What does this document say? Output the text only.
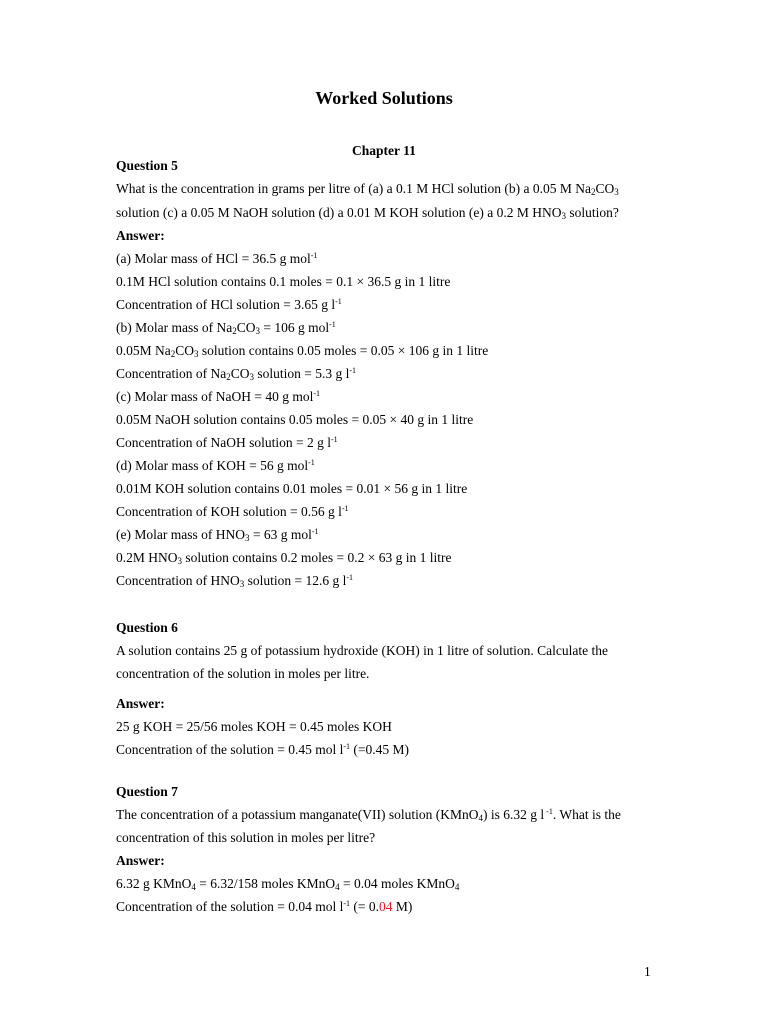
Worked Solutions
Chapter 11
Question 5
What is the concentration in grams per litre of (a) a 0.1 M HCl solution (b) a 0.05 M $Na_2CO_3$
solution (c) a 0.05 M NaOH solution (d) a 0.01 M KOH solution (e) a 0.2 M $HNO_3$ solution?
Answer:
(a) Molar mass of HCl = 36.5 g mol$^{-1}$
0.1M HCl solution contains 0.1 moles = 0.1 × 36.5 g in 1 litre
Concentration of HCl solution = 3.65 g $l^{-1}$
(b) Molar mass of $Na_2CO_3 = 106$ g mol$^{-1}$
0.05M $Na_2CO_3$ solution contains 0.05 moles = 0.05 × 106 g in 1 litre
Concentration of $Na_2CO_3$ solution = 5.3 g $l^{-1}$
(c) Molar mass of NaOH = 40 g mol$^{-1}$
0.05M NaOH solution contains 0.05 moles = 0.05 × 40 g in 1 litre
Concentration of NaOH solution = 2 g $l^{-1}$
(d) Molar mass of KOH = 56 g mol$^{-1}$
0.01M KOH solution contains 0.01 moles = 0.01 × 56 g in 1 litre
Concentration of KOH solution = 0.56 g $l^{-1}$
(e) Molar mass of $HNO_3 = 63$ g mol$^{-1}$
0.2M $HNO_3$ solution contains 0.2 moles = 0.2 × 63 g in 1 litre
Concentration of $HNO_3$ solution = 12.6 g $l^{-1}$
Question 6
A solution contains 25 g of potassium hydroxide (KOH) in 1 litre of solution. Calculate the
concentration of the solution in moles per litre.
Answer:
25 g KOH = 25/56 moles KOH = 0.45 moles KOH
Concentration of the solution = 0.45 mol $l^{-1}$ (=0.45 M)
Question 7
The concentration of a potassium manganate(VII) solution (KMnO$_4$) is 6.32 g l $^{-1}$. What is the
concentration of this solution in moles per litre?
Answer:
6.32 g KMnO$_4$ = 6.32/158 moles KMnO$_4$ = 0.04 moles KMnO$_4$
Concentration of the solution = 0.04 mol $l^{-1}$ (= 0.04 M)
1
